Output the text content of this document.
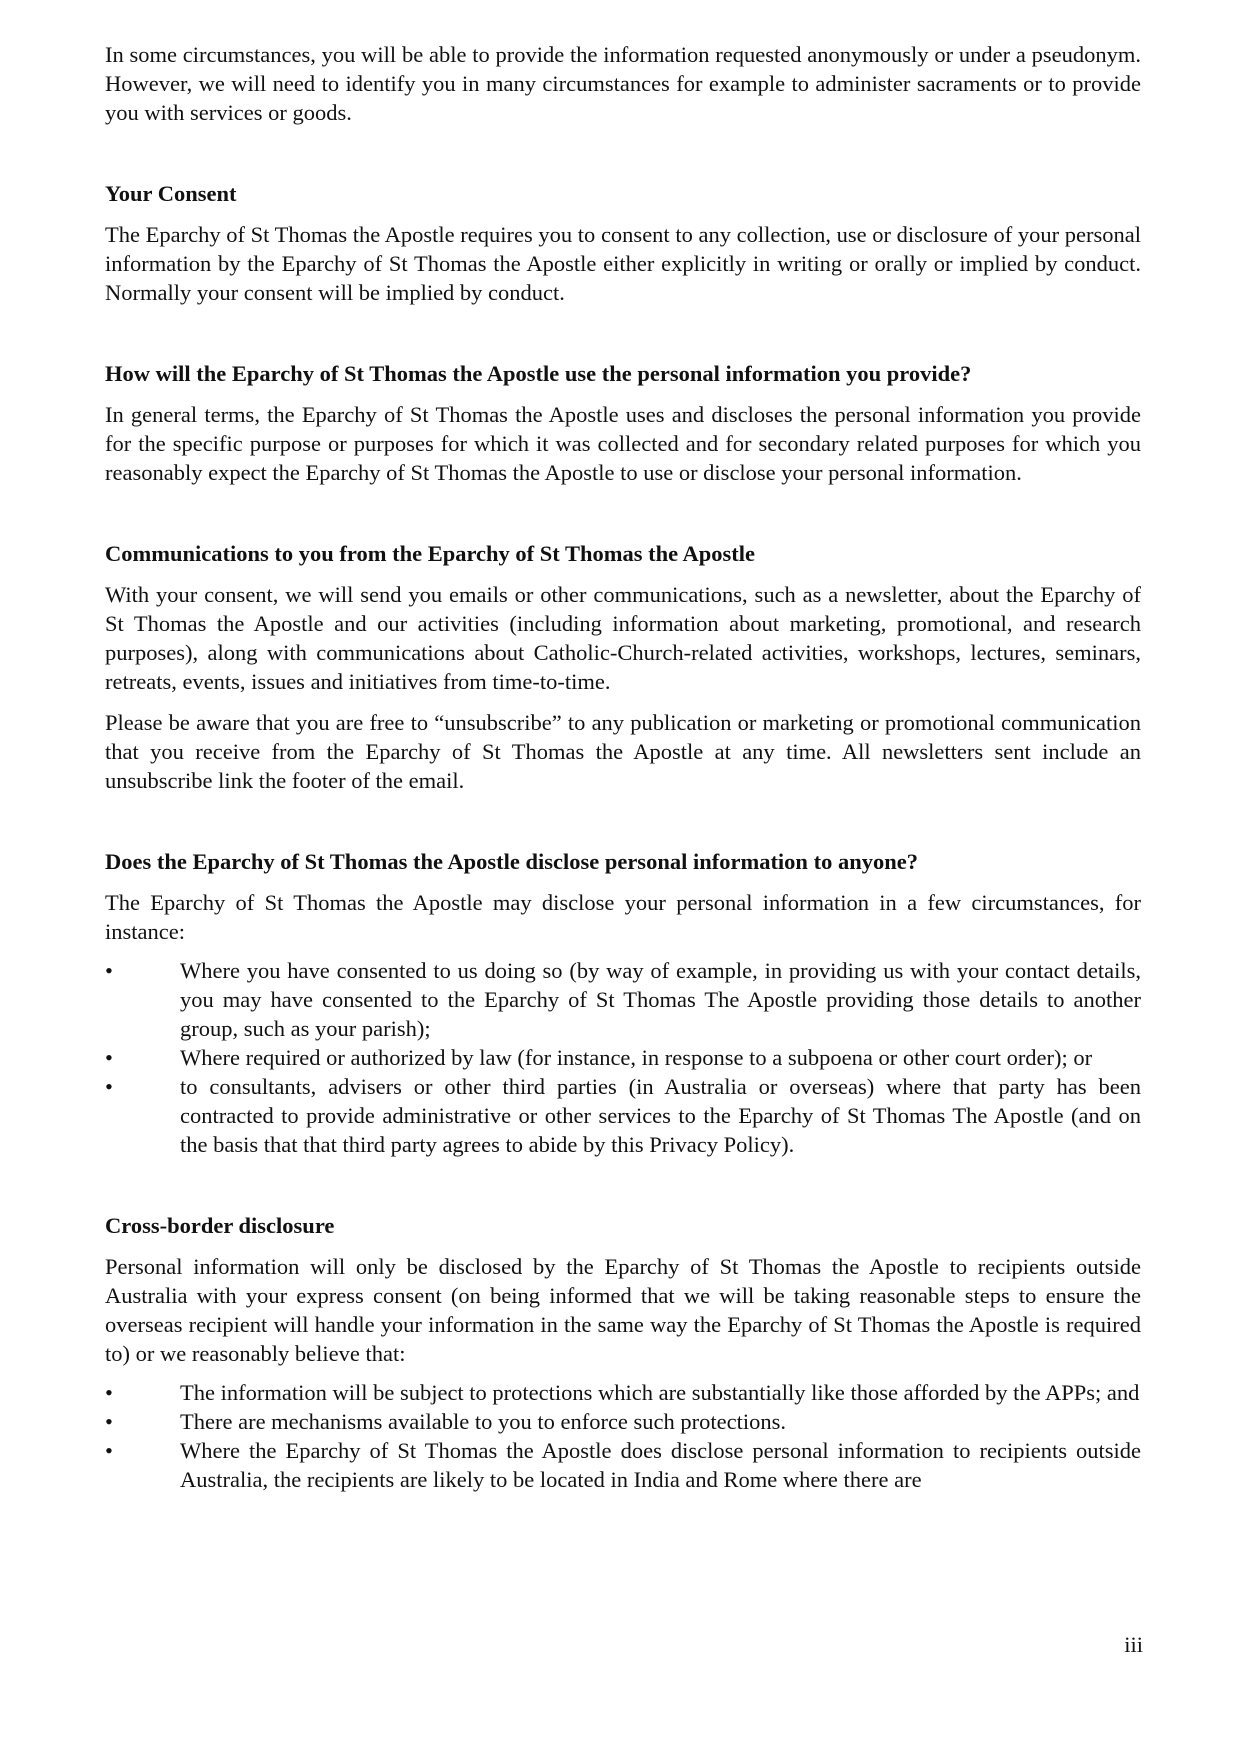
In some circumstances, you will be able to provide the information requested anonymously or under a pseudonym. However, we will need to identify you in many circumstances for example to administer sacraments or to provide you with services or goods.

Your Consent

The Eparchy of St Thomas the Apostle requires you to consent to any collection, use or disclosure of your personal information by the Eparchy of St Thomas the Apostle either explicitly in writing or orally or implied by conduct. Normally your consent will be implied by conduct.

How will the Eparchy of St Thomas the Apostle use the personal information you provide?

In general terms, the Eparchy of St Thomas the Apostle uses and discloses the personal information you provide for the specific purpose or purposes for which it was collected and for secondary related purposes for which you reasonably expect the Eparchy of St Thomas the Apostle to use or disclose your personal information.

Communications to you from the Eparchy of St Thomas the Apostle

With your consent, we will send you emails or other communications, such as a newsletter, about the Eparchy of St Thomas the Apostle and our activities (including information about marketing, promotional, and research purposes), along with communications about Catholic-Church-related activities, workshops, lectures, seminars, retreats, events, issues and initiatives from time-to-time.

Please be aware that you are free to “unsubscribe” to any publication or marketing or promotional communication that you receive from the Eparchy of St Thomas the Apostle at any time. All newsletters sent include an unsubscribe link the footer of the email.

Does the Eparchy of St Thomas the Apostle disclose personal information to anyone?

The Eparchy of St Thomas the Apostle may disclose your personal information in a few circumstances, for instance:

•	Where you have consented to us doing so (by way of example, in providing us with your contact details, you may have consented to the Eparchy of St Thomas The Apostle providing those details to another group, such as your parish);
•	Where required or authorized by law (for instance, in response to a subpoena or other court order); or
•	to consultants, advisers or other third parties (in Australia or overseas) where that party has been contracted to provide administrative or other services to the Eparchy of St Thomas The Apostle (and on the basis that that third party agrees to abide by this Privacy Policy).
Cross-border disclosure

Personal information will only be disclosed by the Eparchy of St Thomas the Apostle to recipients outside Australia with your express consent (on being informed that we will be taking reasonable steps to ensure the overseas recipient will handle your information in the same way the Eparchy of St Thomas the Apostle is required to) or we reasonably believe that:

•	The information will be subject to protections which are substantially like those afforded by the APPs; and
•	There are mechanisms available to you to enforce such protections.
•	Where the Eparchy of St Thomas the Apostle does disclose personal information to recipients outside Australia, the recipients are likely to be located in India and Rome where there are
iii
